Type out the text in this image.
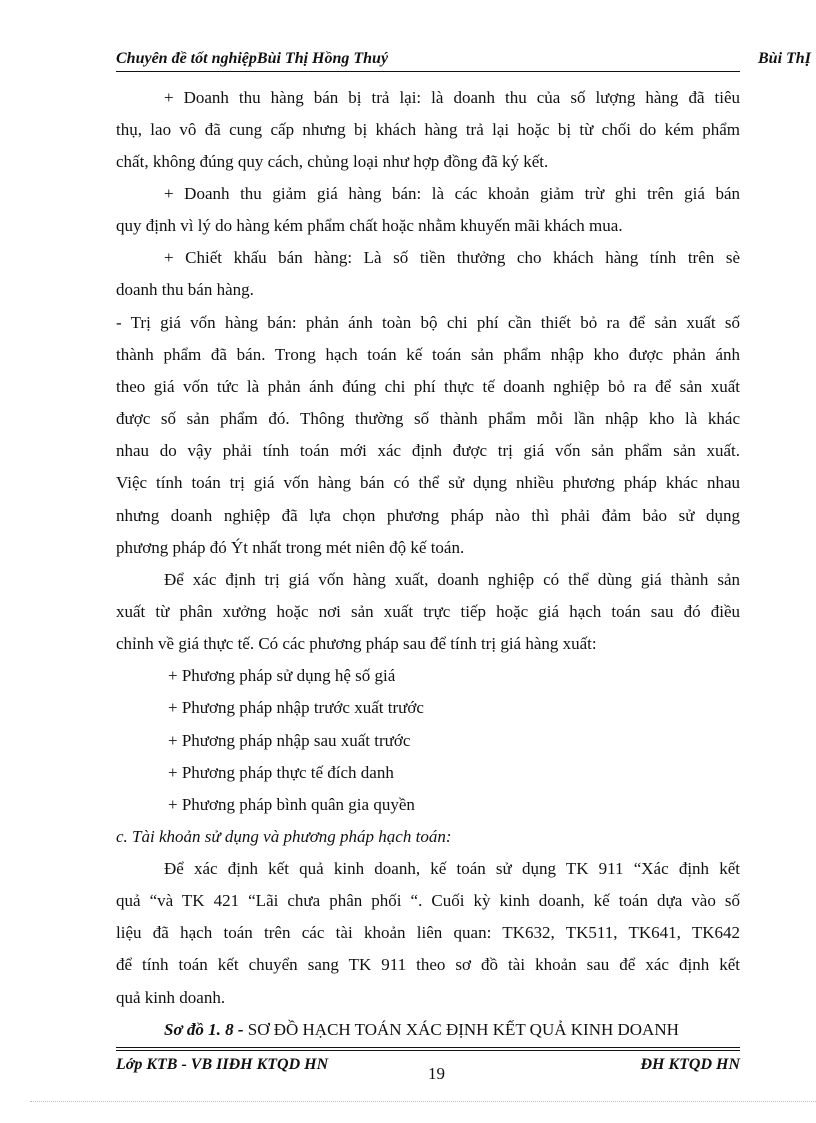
Chuyên đề tốt nghiệpBùi Thị Hồng Thuý	Bùi ThỊ
+ Doanh thu hàng bán bị trả lại: là doanh thu của số lượng hàng đã tiêu
thụ, lao vô đã cung cấp nhưng bị khách hàng trả lại hoặc bị từ chối do kém phẩm
chất, không đúng quy cách, chủng loại như hợp đồng đã ký kết.
+ Doanh thu giảm giá hàng bán: là các khoản giảm trừ ghi trên giá bán
quy định vì lý do hàng kém phẩm chất hoặc nhằm khuyến mãi khách mua.
+ Chiết khấu bán hàng: Là số tiền thưởng cho khách hàng tính trên sè
doanh thu bán hàng.
- Trị giá vốn hàng bán: phản ánh toàn bộ chi phí cần thiết bỏ ra để sản xuất số
thành phẩm đã bán. Trong hạch toán kế toán sản phẩm nhập kho được phản ánh
theo giá vốn tức là phản ánh đúng chi phí thực tế doanh nghiệp bỏ ra để sản xuất
được số sản phẩm đó. Thông thường số thành phẩm mỗi lần nhập kho là khác
nhau do vậy phải tính toán mới xác định được trị giá vốn sản phẩm sản xuất.
Việc tính toán trị giá vốn hàng bán có thể sử dụng nhiều phương pháp khác nhau
nhưng doanh nghiệp đã lựa chọn phương pháp nào thì phải đảm bảo sử dụng
phương pháp đó Ýt nhất trong mét niên độ kế toán.
Để xác định trị giá vốn hàng xuất, doanh nghiệp có thể dùng giá thành sản
xuất từ phân xưởng hoặc nơi sản xuất trực tiếp hoặc giá hạch toán sau đó điều
chỉnh về giá thực tế. Có các phương pháp sau để tính trị giá hàng xuất:
+ Phương pháp sử dụng hệ số giá
+ Phương pháp nhập trước xuất trước
+ Phương pháp nhập sau xuất trước
+ Phương pháp thực tế đích danh
+ Phương pháp bình quân gia quyền
c. Tài khoản sử dụng và phương pháp hạch toán:
Để xác định kết quả kinh doanh, kế toán sử dụng TK 911 “Xác định kết
quả “và TK 421 “Lãi chưa phân phối “. Cuối kỳ kinh doanh, kế toán dựa vào số
liệu đã hạch toán trên các tài khoản liên quan: TK632, TK511, TK641, TK642
để tính toán kết chuyển sang TK 911 theo sơ đồ tài khoản sau để xác định kết
quả kinh doanh.
Sơ đồ 1. 8 - SƠ ĐỒ HẠCH TOÁN XÁC ĐỊNH KẾT QUẢ KINH DOANH
Lớp KTB - VB IIĐH KTQD HN	19	ĐH KTQD HN
